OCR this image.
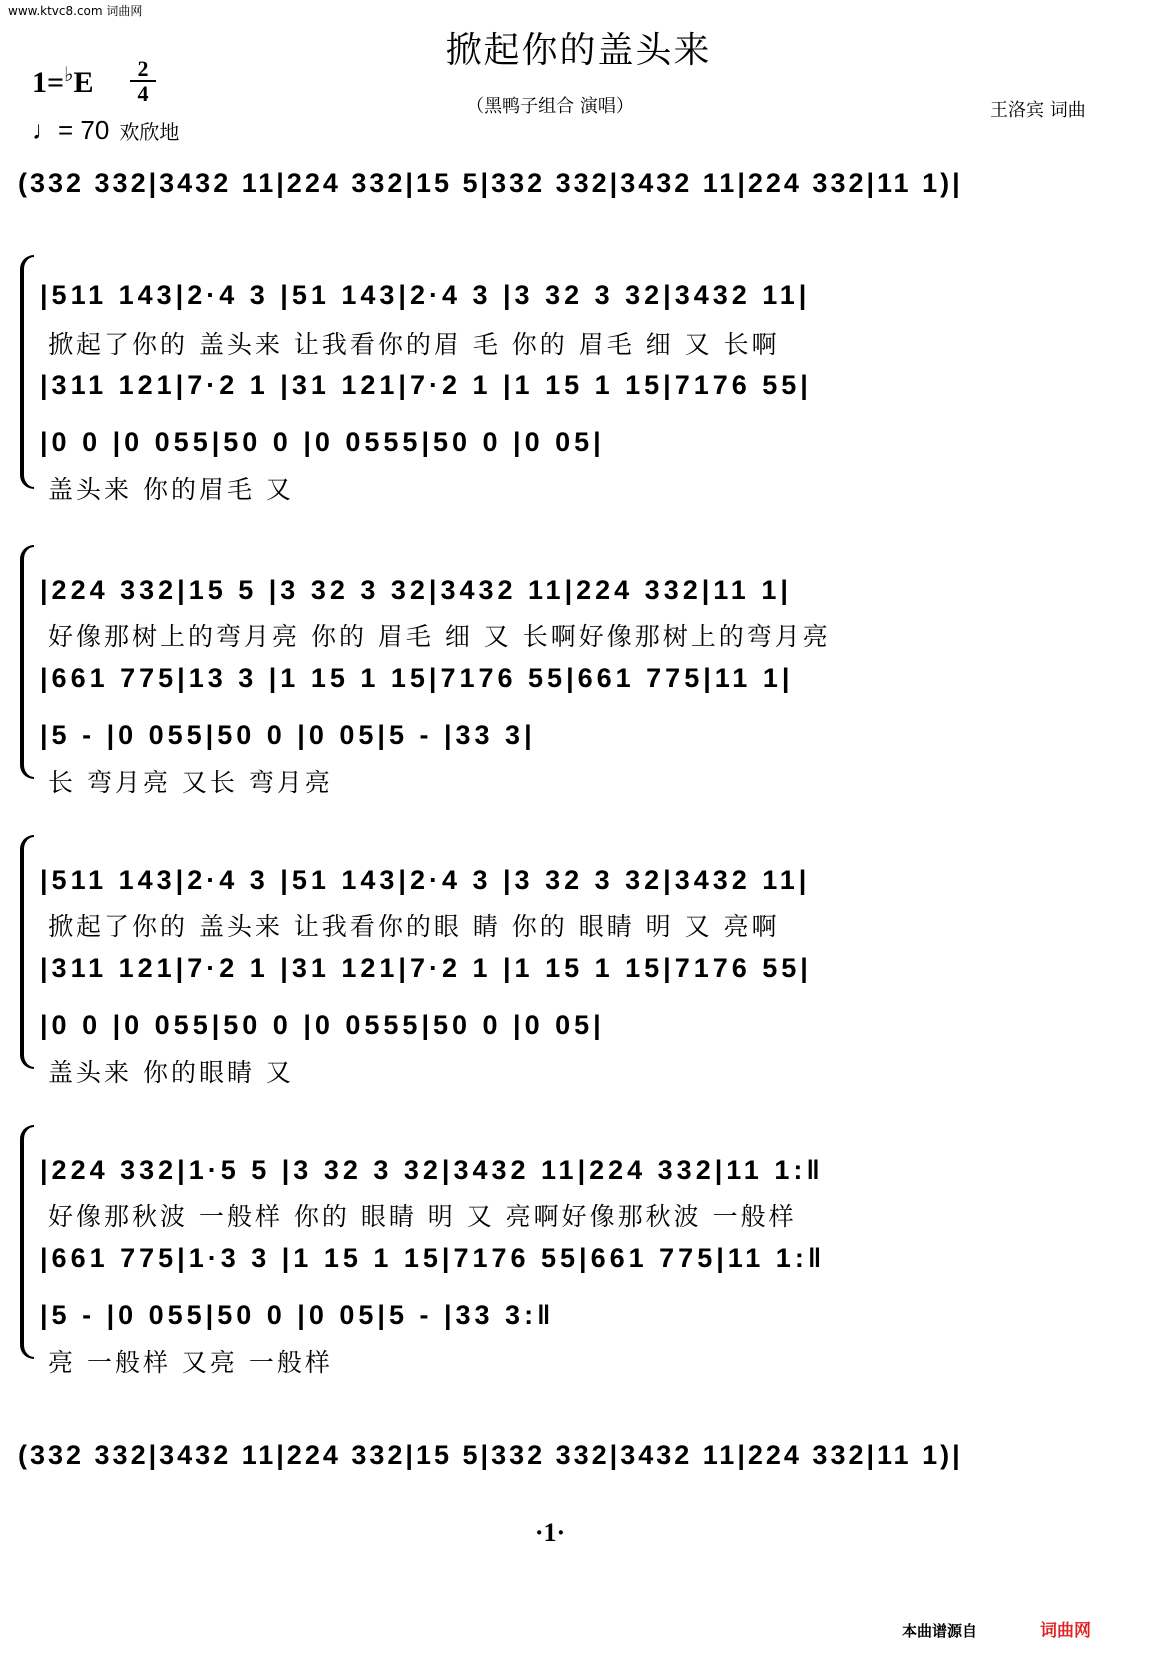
www.ktvc8.com 词曲网
掀起你的盖头来
（黑鸭子组合 演唱）	王洛宾 词曲
1=♭E	2
4
♩= 70 欢欣地
(332 332|3432 11|224 332|15 5|332 332|3432 11|224 332|11 1)|
|511 143|2·4 3 |51 143|2·4 3 |3 32 3 32|3432 11|
掀起了你的 盖头来 让我看你的眉 毛 你的 眉毛 细 又 长啊
|311 121|7·2 1 |31 121|7·2 1 |1 15 1 15|7176 55|
|0 0 |0 055|50 0 |0 0555|50 0 |0 05|
盖头来 你的眉毛 又
|224 332|15 5 |3 32 3 32|3432 11|224 332|11 1|
好像那树上的弯月亮 你的 眉毛 细 又 长啊好像那树上的弯月亮
|661 775|13 3 |1 15 1 15|7176 55|661 775|11 1|
|5 - |0 055|50 0 |0 05|5 - |33 3|
长 弯月亮 又长 弯月亮
|511 143|2·4 3 |51 143|2·4 3 |3 32 3 32|3432 11|
掀起了你的 盖头来 让我看你的眼 睛 你的 眼睛 明 又 亮啊
|311 121|7·2 1 |31 121|7·2 1 |1 15 1 15|7176 55|
|0 0 |0 055|50 0 |0 0555|50 0 |0 05|
盖头来 你的眼睛 又
|224 332|1·5 5 |3 32 3 32|3432 11|224 332|11 1:‖
好像那秋波 一般样 你的 眼睛 明 又 亮啊好像那秋波 一般样
|661 775|1·3 3 |1 15 1 15|7176 55|661 775|11 1:‖
|5 - |0 055|50 0 |0 05|5 - |33 3:‖
亮 一般样 又亮 一般样
(332 332|3432 11|224 332|15 5|332 332|3432 11|224 332|11 1)|
·1·
本曲谱源自	词曲网
